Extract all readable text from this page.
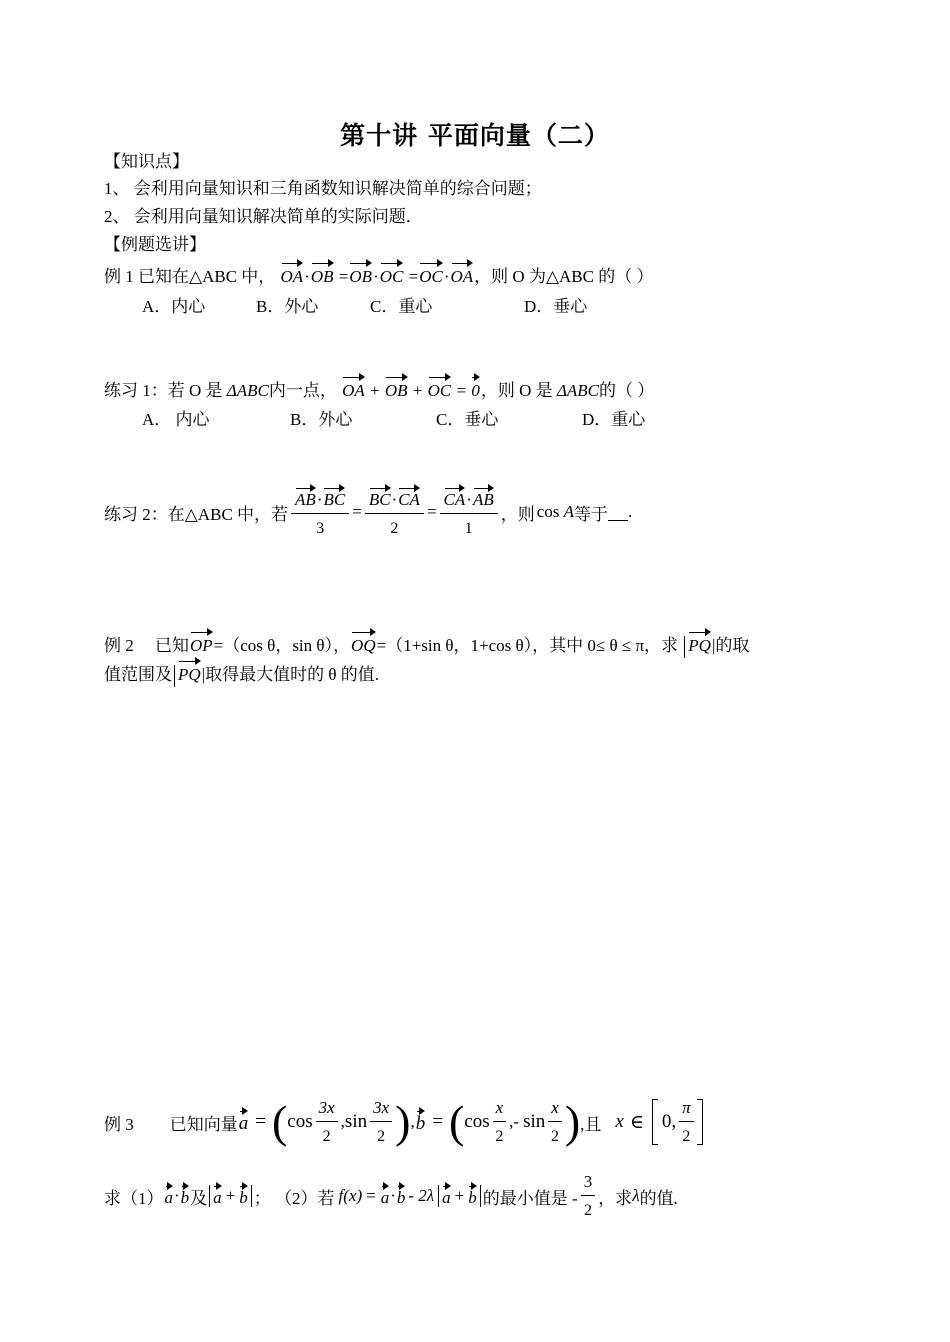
第十讲 平面向量（二）
【知识点】
1、 会利用向量知识和三角函数知识解决简单的综合问题；
2、 会利用向量知识解决简单的实际问题．
【例题选讲】
例 1 已知在△ABC 中， OA·OB =OB·OC =OC·OA，则 O 为△ABC 的（ ）
A．内心	B．外心	C．重心	D．垂心
练习 1：若 O 是 ΔABC内一点， OA + OB + OC = 0，则 O 是 ΔABC的（ ）
A． 内心	B．外心	C．垂心	D．重心
练习 2：在△ABC 中，若 $\frac{AB\cdot BC}{3} = \frac{BC\cdot CA}{2} = \frac{CA\cdot AB}{1}$ ，则 cos
A 等于 .
例 2 已知OP=（cos θ，sin θ），OQ=（1+sin θ，1+cos θ），其中 0≤ θ ≤ π，求 PQ|的取
值范围及 PQ|取得最大值时的 θ 的值.
例 3 已知向量 a = ( $\cos \frac{3x}{2}$ , $\sin \frac{3x}{2}$ ) , b = ( $\cos \frac{x}{2}$ , - $\sin \frac{x}{2}$ ) ,且 x ∈ 0, $\frac{\pi}{2}$
求（1） a · b 及 a + b ； （2）若 f (x) = a · b - 2λ a + b 的最小值是 - $\frac{3}{2}$ ，求 λ 的值.
